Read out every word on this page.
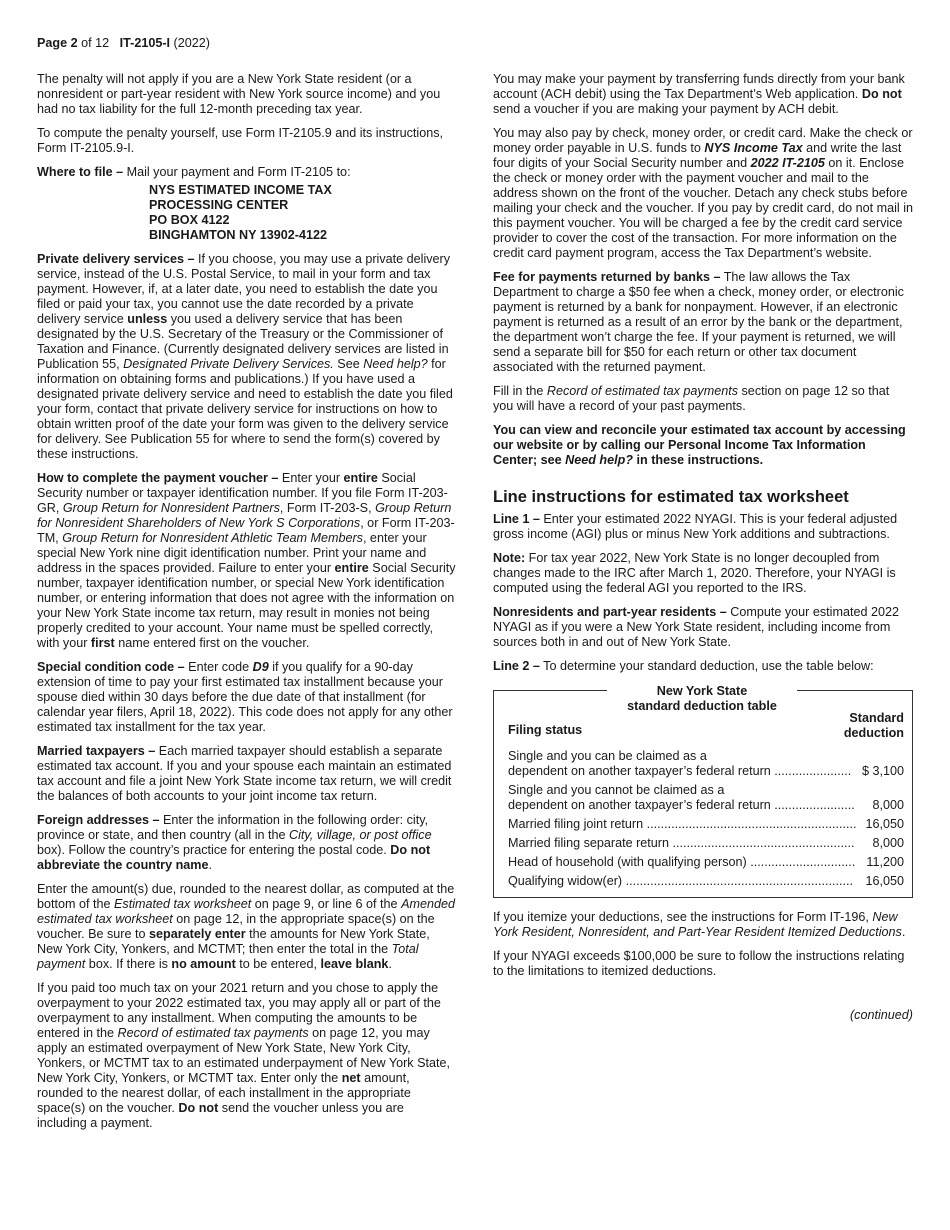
Page 2 of 12 IT-2105-I (2022)

The penalty will not apply if you are a New York State resident (or a nonresident or part-year resident with New York source income) and you had no tax liability for the full 12-month preceding tax year.

To compute the penalty yourself, use Form IT-2105.9 and its instructions, Form IT-2105.9-I.

Where to file – Mail your payment and Form IT-2105 to:

NYS ESTIMATED INCOME TAX
PROCESSING CENTER
PO BOX 4122
BINGHAMTON NY 13902-4122

Private delivery services – If you choose, you may use a private delivery service, instead of the U.S. Postal Service, to mail in your form and tax payment. However, if, at a later date, you need to establish the date you filed or paid your tax, you cannot use the date recorded by a private delivery service unless you used a delivery service that has been designated by the U.S. Secretary of the Treasury or the Commissioner of Taxation and Finance. (Currently designated delivery services are listed in Publication 55, Designated Private Delivery Services. See Need help? for information on obtaining forms and publications.) If you have used a designated private delivery service and need to establish the date you filed your form, contact that private delivery service for instructions on how to obtain written proof of the date your form was given to the delivery service for delivery. See Publication 55 for where to send the form(s) covered by these instructions.

How to complete the payment voucher – Enter your entire Social Security number or taxpayer identification number. If you file Form IT-203-GR, Group Return for Nonresident Partners, Form IT-203-S, Group Return for Nonresident Shareholders of New York S Corporations, or Form IT-203-TM, Group Return for Nonresident Athletic Team Members, enter your special New York nine digit identification number. Print your name and address in the spaces provided. Failure to enter your entire Social Security number, taxpayer identification number, or special New York identification number, or entering information that does not agree with the information on your New York State income tax return, may result in monies not being properly credited to your account. Your name must be spelled correctly, with your first name entered first on the voucher.

Special condition code – Enter code D9 if you qualify for a 90-day extension of time to pay your first estimated tax installment because your spouse died within 30 days before the due date of that installment (for calendar year filers, April 18, 2022). This code does not apply for any other estimated tax installment for the tax year.

Married taxpayers – Each married taxpayer should establish a separate estimated tax account. If you and your spouse each maintain an estimated tax account and file a joint New York State income tax return, we will credit the balances of both accounts to your joint income tax return.

Foreign addresses – Enter the information in the following order: city, province or state, and then country (all in the City, village, or post office box). Follow the country’s practice for entering the postal code. Do not abbreviate the country name.

Enter the amount(s) due, rounded to the nearest dollar, as computed at the bottom of the Estimated tax worksheet on page 9, or line 6 of the Amended estimated tax worksheet on page 12, in the appropriate space(s) on the voucher. Be sure to separately enter the amounts for New York State, New York City, Yonkers, and MCTMT; then enter the total in the Total payment box. If there is no amount to be entered, leave blank.

If you paid too much tax on your 2021 return and you chose to apply the overpayment to your 2022 estimated tax, you may apply all or part of the overpayment to any installment. When computing the amounts to be entered in the Record of estimated tax payments on page 12, you may apply an estimated overpayment of New York State, New York City, Yonkers, or MCTMT tax to an estimated underpayment of New York State, New York City, Yonkers, or MCTMT tax. Enter only the net amount, rounded to the nearest dollar, of each installment in the appropriate space(s) on the voucher. Do not send the voucher unless you are including a payment.

You may make your payment by transferring funds directly from your bank account (ACH debit) using the Tax Department’s Web application. Do not send a voucher if you are making your payment by ACH debit.

You may also pay by check, money order, or credit card. Make the check or money order payable in U.S. funds to NYS Income Tax and write the last four digits of your Social Security number and 2022 IT-2105 on it. Enclose the check or money order with the payment voucher and mail to the address shown on the front of the voucher. Detach any check stubs before mailing your check and the voucher. If you pay by credit card, do not mail in this payment voucher. You will be charged a fee by the credit card service provider to cover the cost of the transaction. For more information on the credit card payment program, access the Tax Department’s website.

Fee for payments returned by banks – The law allows the Tax Department to charge a $50 fee when a check, money order, or electronic payment is returned by a bank for nonpayment. However, if an electronic payment is returned as a result of an error by the bank or the department, the department won’t charge the fee. If your payment is returned, we will send a separate bill for $50 for each return or other tax document associated with the returned payment.

Fill in the Record of estimated tax payments section on page 12 so that you will have a record of your past payments.

You can view and reconcile your estimated tax account by accessing our website or by calling our Personal Income Tax Information Center; see Need help? in these instructions.

Line instructions for estimated tax worksheet

Line 1 – Enter your estimated 2022 NYAGI. This is your federal adjusted gross income (AGI) plus or minus New York additions and subtractions.

Note: For tax year 2022, New York State is no longer decoupled from changes made to the IRC after March 1, 2020. Therefore, your NYAGI is computed using the federal AGI you reported to the IRS.

Nonresidents and part-year residents – Compute your estimated 2022 NYAGI as if you were a New York State resident, including income from sources both in and out of New York State.

Line 2 – To determine your standard deduction, use the table below:

New York State
standard deduction table
Standard
deduction
Filing status
Single and you can be claimed as a
dependent on another taxpayer’s federal return ...................... $ 3,100
Single and you cannot be claimed as a
dependent on another taxpayer’s federal return .......................	8,000
Married filing joint return ............................................................ 16,050
Married filing separate return ....................................................	8,000
Head of household (with qualifying person) .............................. 11,200
Qualifying widow(er) ................................................................. 16,050

If you itemize your deductions, see the instructions for Form IT-196, New York Resident, Nonresident, and Part-Year Resident Itemized Deductions.

If your NYAGI exceeds $100,000 be sure to follow the instructions relating to the limitations to itemized deductions.

(continued)
